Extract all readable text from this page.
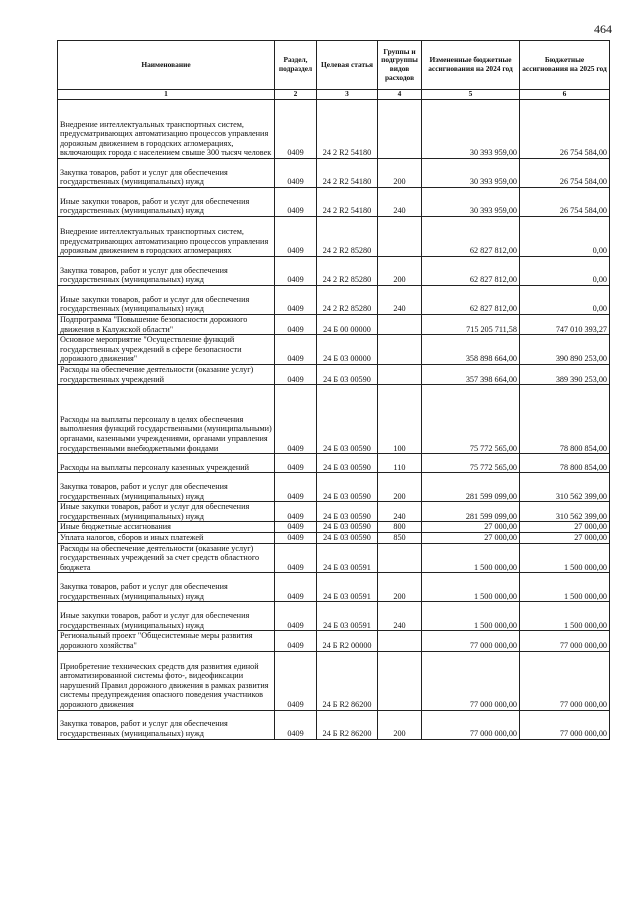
464
Наименование	Раздел, подраздел	Целевая статья	Группы и подгруппы видов расходов	Измененные бюджетные ассигнования на 2024 год	Бюджетные ассигнования на 2025 год
1	2	3	4	5	6
Внедрение интеллектуальных транспортных систем, предусматривающих автоматизацию процессов управления дорожным движением в городских агломерациях, включающих города с населением свыше 300 тысяч человек	0409	24 2 R2 54180		30 393 959,00	26 754 584,00
Закупка товаров, работ и услуг для обеспечения государственных (муниципальных) нужд	0409	24 2 R2 54180	200	30 393 959,00	26 754 584,00
Иные закупки товаров, работ и услуг для обеспечения государственных (муниципальных) нужд	0409	24 2 R2 54180	240	30 393 959,00	26 754 584,00
Внедрение интеллектуальных транспортных систем, предусматривающих автоматизацию процессов управления дорожным движением в городских агломерациях	0409	24 2 R2 85280		62 827 812,00	0,00
Закупка товаров, работ и услуг для обеспечения государственных (муниципальных) нужд	0409	24 2 R2 85280	200	62 827 812,00	0,00
Иные закупки товаров, работ и услуг для обеспечения государственных (муниципальных) нужд	0409	24 2 R2 85280	240	62 827 812,00	0,00
Подпрограмма "Повышение безопасности дорожного движения в Калужской области"	0409	24 Б 00 00000		715 205 711,58	747 010 393,27
Основное мероприятие "Осуществление функций государственных учреждений в сфере безопасности дорожного движения"	0409	24 Б 03 00000		358 898 664,00	390 890 253,00
Расходы на обеспечение деятельности (оказание услуг) государственных учреждений	0409	24 Б 03 00590		357 398 664,00	389 390 253,00
Расходы на выплаты персоналу в целях обеспечения выполнения функций государственными (муниципальными) органами, казенными учреждениями, органами управления государственными внебюджетными фондами	0409	24 Б 03 00590	100	75 772 565,00	78 800 854,00
Расходы на выплаты персоналу казенных учреждений	0409	24 Б 03 00590	110	75 772 565,00	78 800 854,00
Закупка товаров, работ и услуг для обеспечения государственных (муниципальных) нужд	0409	24 Б 03 00590	200	281 599 099,00	310 562 399,00
Иные закупки товаров, работ и услуг для обеспечения государственных (муниципальных) нужд	0409	24 Б 03 00590	240	281 599 099,00	310 562 399,00
Иные бюджетные ассигнования	0409	24 Б 03 00590	800	27 000,00	27 000,00
Уплата налогов, сборов и иных платежей	0409	24 Б 03 00590	850	27 000,00	27 000,00
Расходы на обеспечение деятельности (оказание услуг) государственных учреждений за счет средств областного бюджета	0409	24 Б 03 00591		1 500 000,00	1 500 000,00
Закупка товаров, работ и услуг для обеспечения государственных (муниципальных) нужд	0409	24 Б 03 00591	200	1 500 000,00	1 500 000,00
Иные закупки товаров, работ и услуг для обеспечения государственных (муниципальных) нужд	0409	24 Б 03 00591	240	1 500 000,00	1 500 000,00
Региональный проект "Общесистемные меры развития дорожного хозяйства"	0409	24 Б R2 00000		77 000 000,00	77 000 000,00
Приобретение технических средств для развития единой автоматизированной системы фото-, видеофиксации нарушений Правил дорожного движения в рамках развития системы предупреждения опасного поведения участников дорожного движения	0409	24 Б R2 86200		77 000 000,00	77 000 000,00
Закупка товаров, работ и услуг для обеспечения государственных (муниципальных) нужд	0409	24 Б R2 86200	200	77 000 000,00	77 000 000,00
